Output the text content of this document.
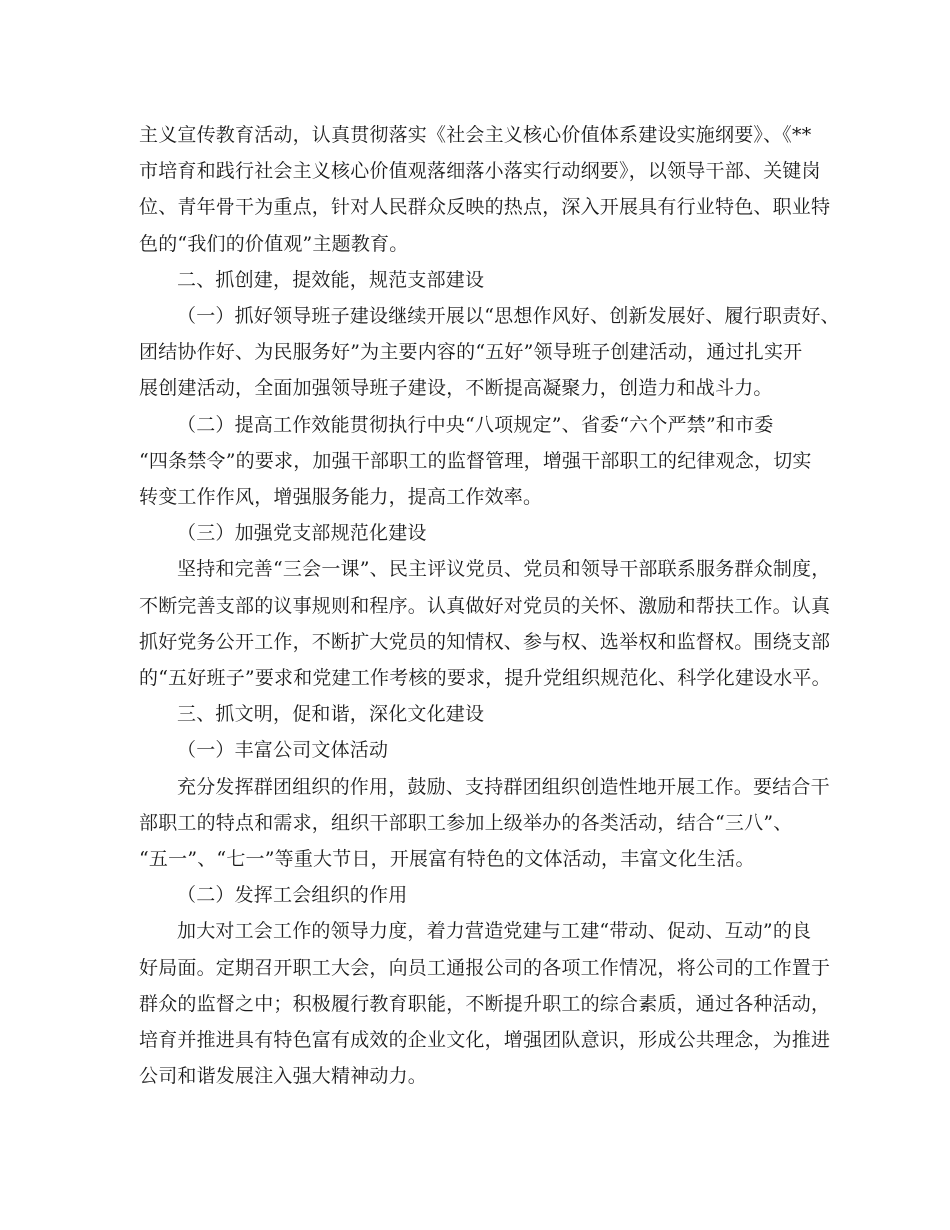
主义宣传教育活动，认真贯彻落实《社会主义核心价值体系建设实施纲要》、《**
市培育和践行社会主义核心价值观落细落小落实行动纲要》，以领导干部、关键岗
位、青年骨干为重点，针对人民群众反映的热点，深入开展具有行业特色、职业特
色的“我们的价值观”主题教育。

二、抓创建，提效能，规范支部建设

（一）抓好领导班子建设继续开展以“思想作风好、创新发展好、履行职责好、
团结协作好、为民服务好”为主要内容的“五好”领导班子创建活动，通过扎实开
展创建活动，全面加强领导班子建设，不断提高凝聚力，创造力和战斗力。

（二）提高工作效能贯彻执行中央“八项规定”、省委“六个严禁”和市委
“四条禁令”的要求，加强干部职工的监督管理，增强干部职工的纪律观念，切实
转变工作作风，增强服务能力，提高工作效率。

（三）加强党支部规范化建设

坚持和完善“三会一课”、民主评议党员、党员和领导干部联系服务群众制度，
不断完善支部的议事规则和程序。认真做好对党员的关怀、激励和帮扶工作。认真
抓好党务公开工作，不断扩大党员的知情权、参与权、选举权和监督权。围绕支部
的“五好班子”要求和党建工作考核的要求，提升党组织规范化、科学化建设水平。

三、抓文明，促和谐，深化文化建设

（一）丰富公司文体活动

充分发挥群团组织的作用，鼓励、支持群团组织创造性地开展工作。要结合干
部职工的特点和需求，组织干部职工参加上级举办的各类活动，结合“三八”、
“五一”、“七一”等重大节日，开展富有特色的文体活动，丰富文化生活。

（二）发挥工会组织的作用

加大对工会工作的领导力度，着力营造党建与工建“带动、促动、互动”的良
好局面。定期召开职工大会，向员工通报公司的各项工作情况，将公司的工作置于
群众的监督之中；积极履行教育职能，不断提升职工的综合素质，通过各种活动，
培育并推进具有特色富有成效的企业文化，增强团队意识，形成公共理念，为推进
公司和谐发展注入强大精神动力。
